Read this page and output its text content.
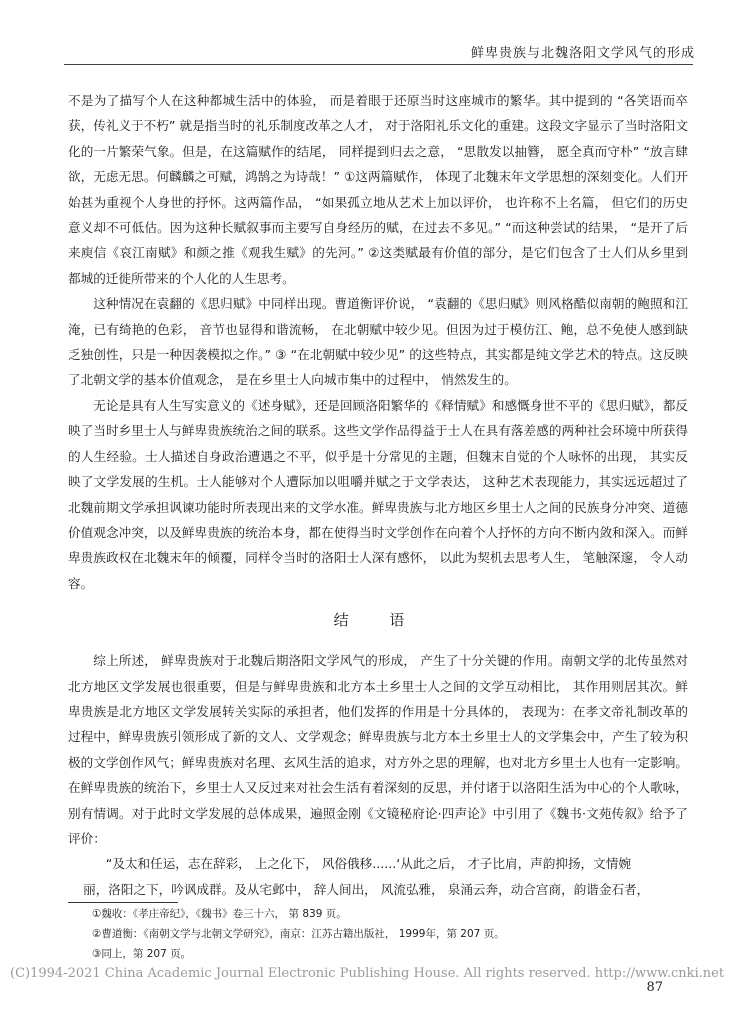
鲜卑贵族与北魏洛阳文学风气的形成

不是为了描写个人在这种都城生活中的体验， 而是着眼于还原当时这座城市的繁华。其中提到的 “各笑语而卒获，传礼义于不朽” 就是指当时的礼乐制度改革之人才， 对于洛阳礼乐文化的重建。这段文字显示了当时洛阳文化的一片繁荣气象。但是，在这篇赋作的结尾， 同样提到归去之意， “思散发以抽簪， 愿全真而守朴” “放言肆欲，无虑无思。何麟麟之可赋，鸿鹄之为诗哉！” ①这两篇赋作， 体现了北魏末年文学思想的深刻变化。人们开始甚为重视个人身世的抒怀。这两篇作品， “如果孤立地从艺术上加以评价， 也许称不上名篇， 但它们的历史意义却不可低估。因为这种长赋叙事而主要写自身经历的赋，在过去不多见。” “而这种尝试的结果， “是开了后来庾信《哀江南赋》和颜之推《观我生赋》的先河。” ②这类赋最有价值的部分，是它们包含了士人们从乡里到都城的迁徙所带来的个人化的人生思考。

这种情况在袁翻的《思归赋》中同样出现。曹道衡评价说， “袁翻的《思归赋》则风格酷似南朝的鲍照和江淹，已有绮艳的色彩， 音节也显得和谐流畅， 在北朝赋中较少见。但因为过于模仿江、鲍，总不免使人感到缺乏独创性，只是一种因袭模拟之作。” ③ “在北朝赋中较少见” 的这些特点，其实都是纯文学艺术的特点。这反映了北朝文学的基本价值观念， 是在乡里士人向城市集中的过程中， 悄然发生的。

无论是具有人生写实意义的《述身赋》，还是回顾洛阳繁华的《释情赋》和感慨身世不平的《思归赋》，都反映了当时乡里士人与鲜卑贵族统治之间的联系。这些文学作品得益于士人在具有落差感的两种社会环境中所获得的人生经验。士人描述自身政治遭遇之不平，似乎是十分常见的主题，但魏末自觉的个人咏怀的出现， 其实反映了文学发展的生机。士人能够对个人遭际加以咀嚼并赋之于文学表达， 这种艺术表现能力，其实远远超过了北魏前期文学承担讽谏功能时所表现出来的文学水准。鲜卑贵族与北方地区乡里士人之间的民族身分冲突、道德价值观念冲突，以及鲜卑贵族的统治本身，都在使得当时文学创作在向着个人抒怀的方向不断内敛和深入。而鲜卑贵族政权在北魏末年的倾覆，同样令当时的洛阳士人深有感怀， 以此为契机去思考人生， 笔触深邃， 令人动容。

结 语

综上所述， 鲜卑贵族对于北魏后期洛阳文学风气的形成， 产生了十分关键的作用。南朝文学的北传虽然对北方地区文学发展也很重要，但是与鲜卑贵族和北方本土乡里士人之间的文学互动相比， 其作用则居其次。鲜卑贵族是北方地区文学发展转关实际的承担者，他们发挥的作用是十分具体的， 表现为：在孝文帝礼制改革的过程中，鲜卑贵族引领形成了新的文人、文学观念；鲜卑贵族与北方本土乡里士人的文学集会中，产生了较为积极的文学创作风气；鲜卑贵族对名理、玄风生活的追求，对方外之思的理解，也对北方乡里士人也有一定影响。在鲜卑贵族的统治下，乡里士人又反过来对社会生活有着深刻的反思，并付诸于以洛阳生活为中心的个人歌咏， 别有情调。对于此时文学发展的总体成果，遍照金刚《文镜秘府论·四声论》中引用了《魏书·文苑传叙》给予了评价：

“及太和任运，志在辞彩， 上之化下， 风俗俄移......‘从此之后， 才子比肩，声韵抑扬，文情婉

丽，洛阳之下，吟讽成群。及从宅邺中， 辞人间出， 风流弘雅， 泉涌云奔，动合宫商，韵谐金石者，

①魏收：《孝庄帝纪》，《魏书》卷三十六， 第 839 页。

②曹道衡：《南朝文学与北朝文学研究》，南京：江苏古籍出版社， 1999年，第 207 页。

③同上，第 207 页。

(C)1994-2021 China Academic Journal Electronic Publishing House. All rights reserved. http://www.cnki.net
87
